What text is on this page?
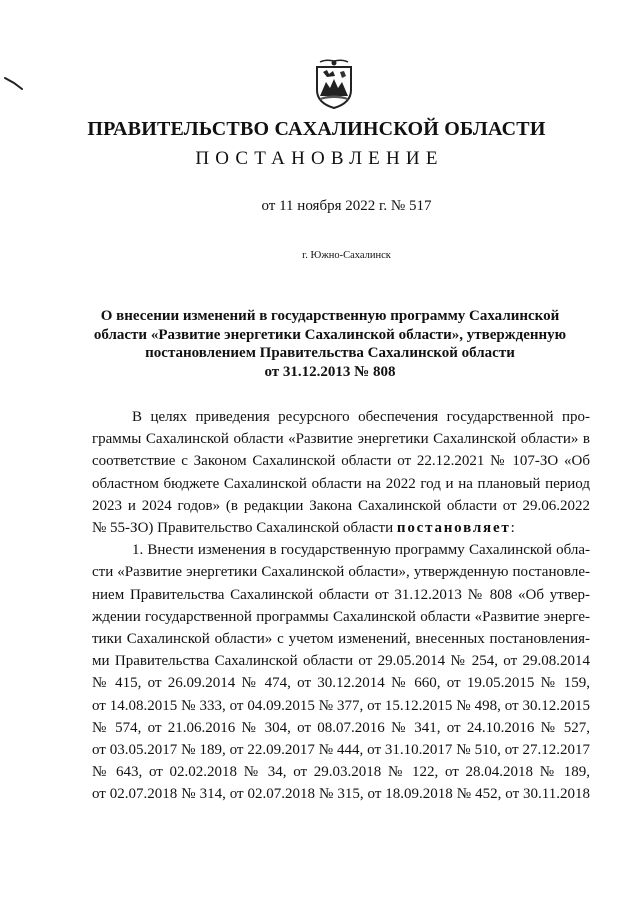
ПРАВИТЕЛЬСТВО САХАЛИНСКОЙ ОБЛАСТИ
ПОСТАНОВЛЕНИЕ
от 11 ноября 2022 г. № 517
г. Южно-Сахалинск
О внесении изменений в государственную программу Сахалинской
области «Развитие энергетики Сахалинской области», утвержденную
постановлением Правительства Сахалинской области
от 31.12.2013 № 808

В целях приведения ресурсного обеспечения государственной про-

граммы Сахалинской области «Развитие энергетики Сахалинской области» в

соответствие с Законом Сахалинской области от 22.12.2021 № 107-ЗО «Об

областном бюджете Сахалинской области на 2022 год и на плановый период

2023 и 2024 годов» (в редакции Закона Сахалинской области от 29.06.2022

№ 55-ЗО) Правительство Сахалинской области постановляет:

1. Внести изменения в государственную программу Сахалинской обла-

сти «Развитие энергетики Сахалинской области», утвержденную постановле-

нием Правительства Сахалинской области от 31.12.2013 № 808 «Об утвер-

ждении государственной программы Сахалинской области «Развитие энерге-

тики Сахалинской области» с учетом изменений, внесенных постановления-

ми Правительства Сахалинской области от 29.05.2014 № 254, от 29.08.2014

№ 415, от 26.09.2014 № 474, от 30.12.2014 № 660, от 19.05.2015 № 159,

от 14.08.2015 № 333, от 04.09.2015 № 377, от 15.12.2015 № 498, от 30.12.2015

№ 574, от 21.06.2016 № 304, от 08.07.2016 № 341, от 24.10.2016 № 527,

от 03.05.2017 № 189, от 22.09.2017 № 444, от 31.10.2017 № 510, от 27.12.2017

№ 643, от 02.02.2018 № 34, от 29.03.2018 № 122, от 28.04.2018 № 189,

от 02.07.2018 № 314, от 02.07.2018 № 315, от 18.09.2018 № 452, от 30.11.2018
